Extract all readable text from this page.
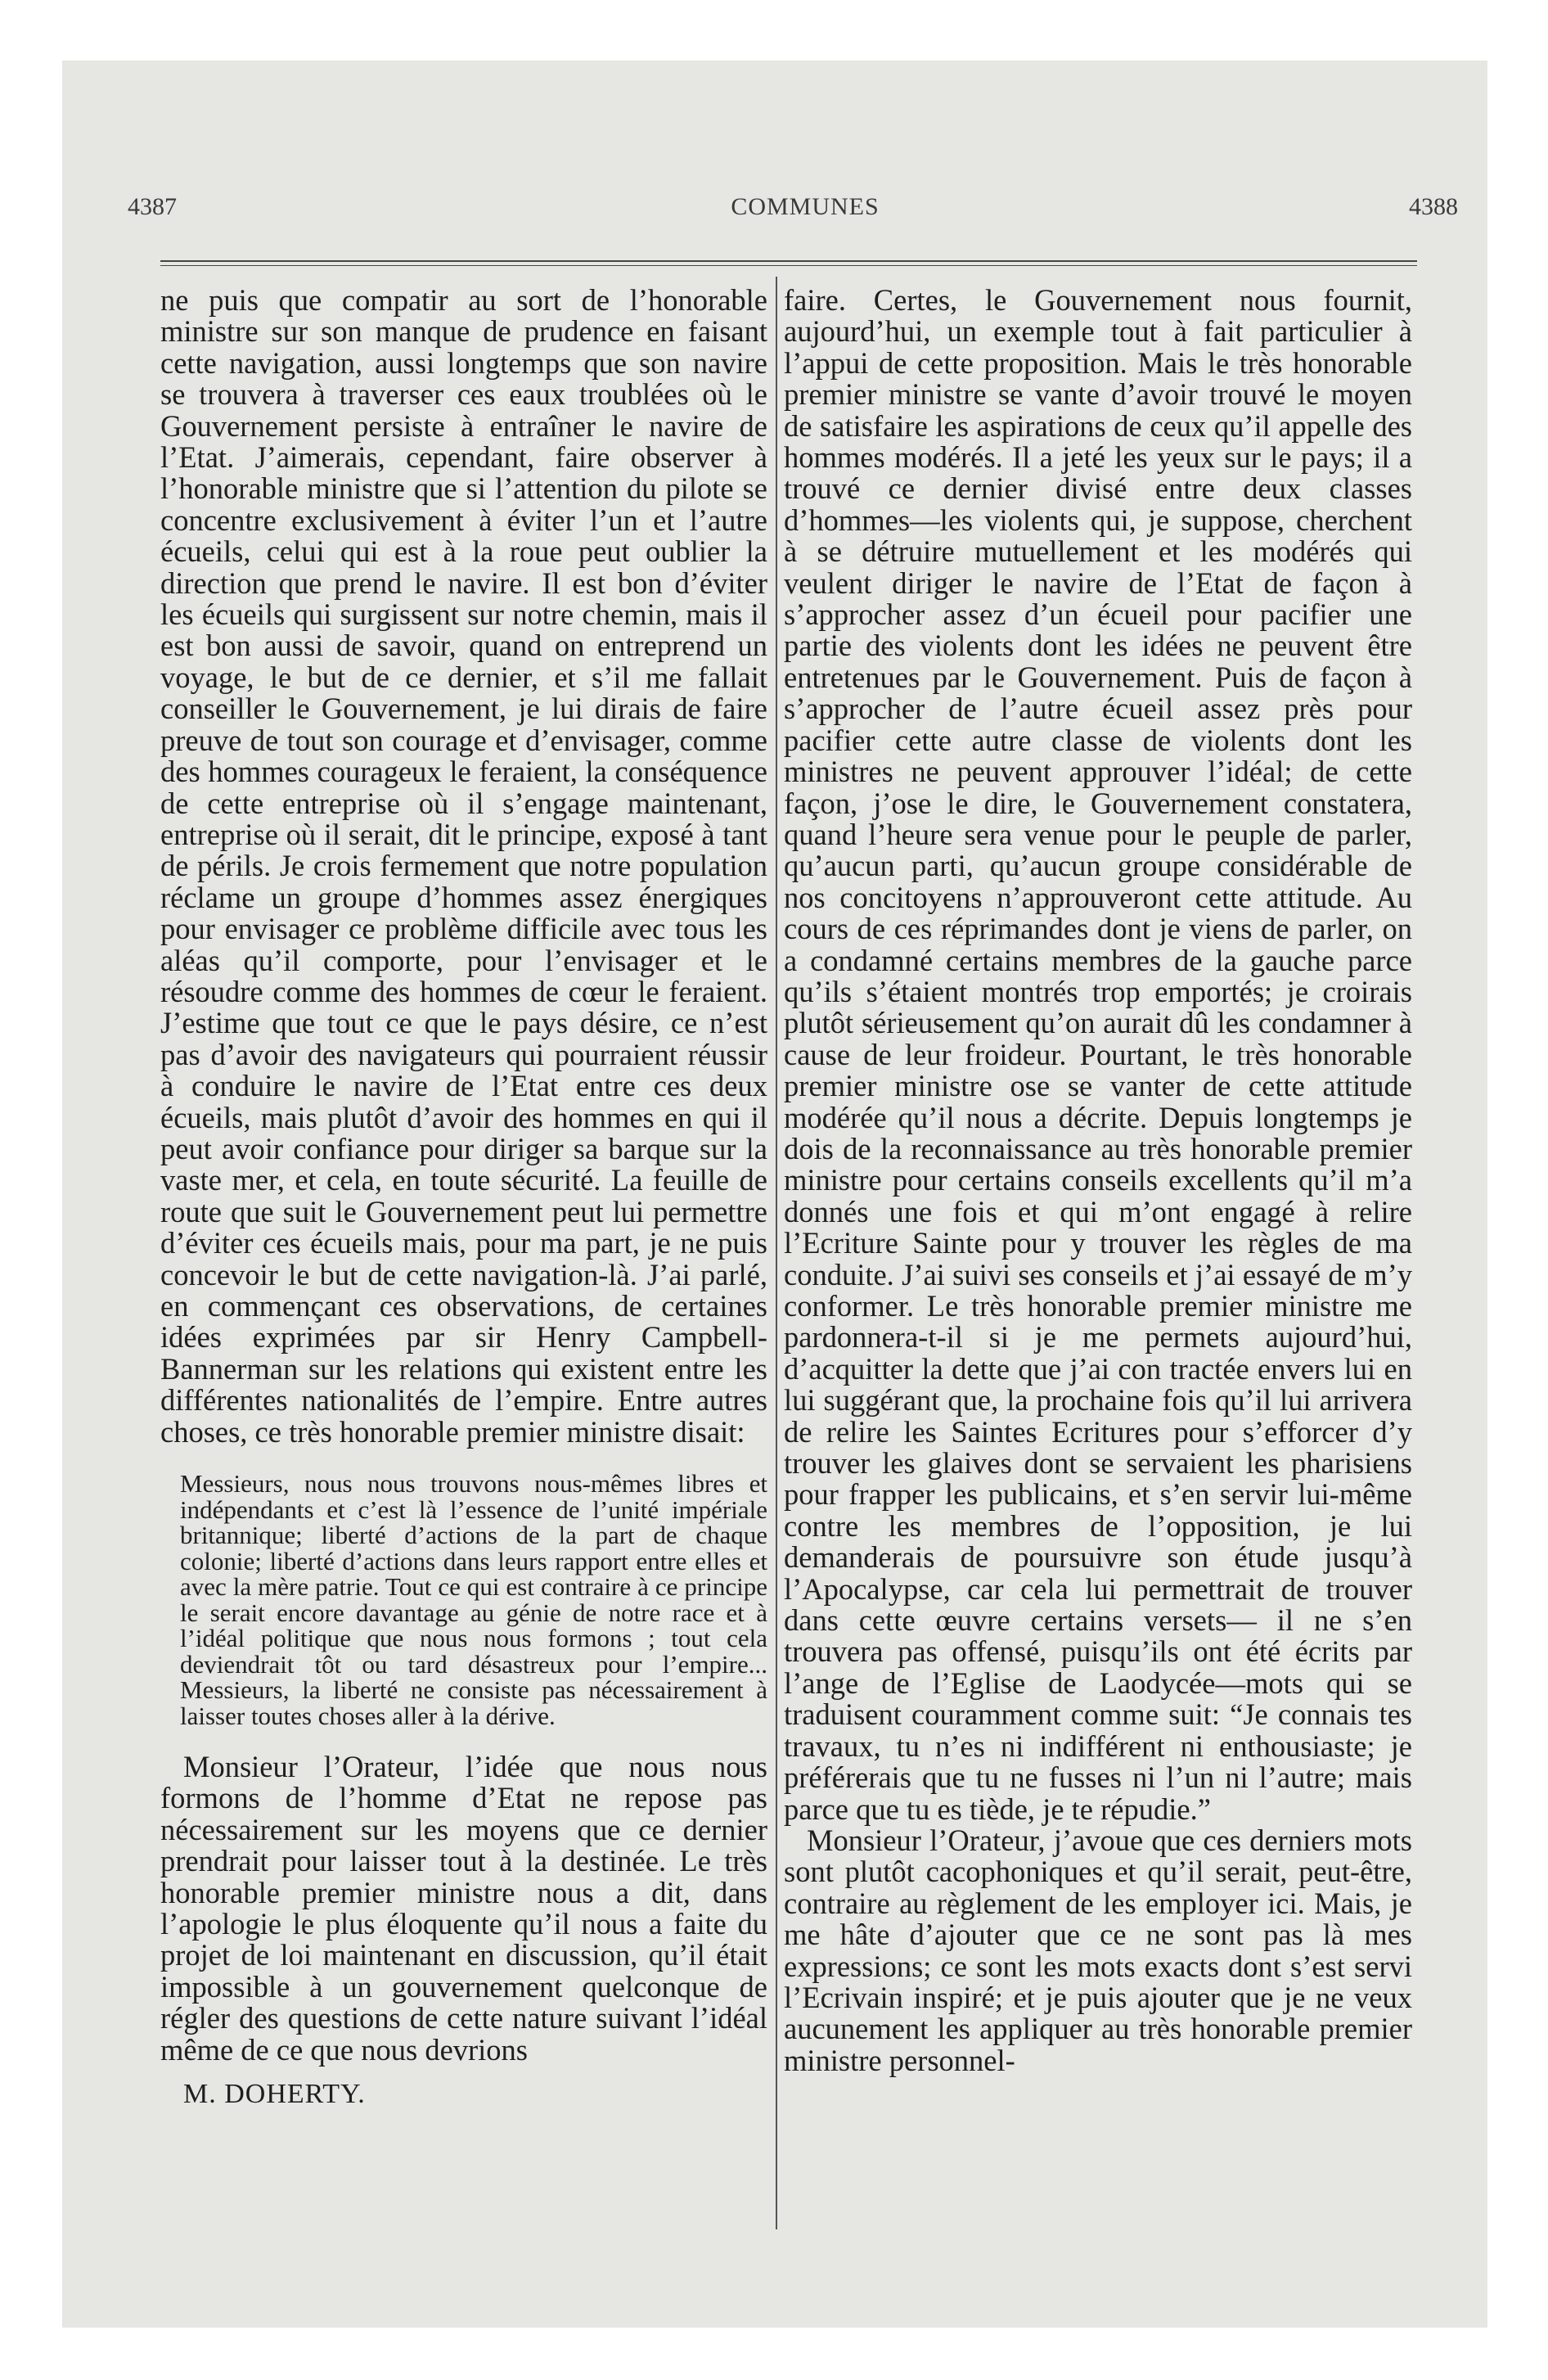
4387	COMMUNES	4388

ne puis que compatir au sort de l’honorable ministre sur son manque de prudence en faisant cette navigation, aussi longtemps que son navire se trouvera à traverser ces eaux troublées où le Gouvernement persiste à entraîner le navire de l’Etat. J’aimerais, cependant, faire observer à l’honorable ministre que si l’attention du pilote se concentre exclusivement à éviter l’un et l’autre écueils, celui qui est à la roue peut oublier la direction que prend le navire. Il est bon d’éviter les écueils qui surgissent sur notre chemin, mais il est bon aussi de savoir, quand on entreprend un voyage, le but de ce dernier, et s’il me fallait conseiller le Gouvernement, je lui dirais de faire preuve de tout son courage et d’envisager, comme des hommes courageux le feraient, la conséquence de cette entreprise où il s’engage maintenant, entreprise où il serait, dit le principe, exposé à tant de périls. Je crois fermement que notre population réclame un groupe d’hommes assez énergiques pour envisager ce problème difficile avec tous les aléas qu’il comporte, pour l’envisager et le résoudre comme des hommes de cœur le feraient. J’estime que tout ce que le pays désire, ce n’est pas d’avoir des navigateurs qui pourraient réussir à conduire le navire de l’Etat entre ces deux écueils, mais plutôt d’avoir des hommes en qui il peut avoir confiance pour diriger sa barque sur la vaste mer, et cela, en toute sécurité. La feuille de route que suit le Gouvernement peut lui permettre d’éviter ces écueils mais, pour ma part, je ne puis concevoir le but de cette navigation-là. J’ai parlé, en commençant ces observations, de certaines idées exprimées par sir Henry Campbell-Bannerman sur les relations qui existent entre les différentes nationalités de l’empire. Entre autres choses, ce très honorable premier ministre disait:

Messieurs, nous nous trouvons nous-mêmes libres et indépendants et c’est là l’essence de l’unité impériale britannique; liberté d’actions de la part de chaque colonie; liberté d’actions dans leurs rapport entre elles et avec la mère patrie. Tout ce qui est contraire à ce principe le serait encore davantage au génie de notre race et à l’idéal politique que nous nous formons ; tout cela deviendrait tôt ou tard désastreux pour l’empire... Messieurs, la liberté ne consiste pas nécessairement à laisser toutes choses aller à la dérive.

Monsieur l’Orateur, l’idée que nous nous formons de l’homme d’Etat ne repose pas nécessairement sur les moyens que ce dernier prendrait pour laisser tout à la destinée. Le très honorable premier ministre nous a dit, dans l’apologie le plus éloquente qu’il nous a faite du projet de loi maintenant en discussion, qu’il était impossible à un gouvernement quelconque de régler des questions de cette nature suivant l’idéal même de ce que nous devrions

M. DOHERTY.

faire. Certes, le Gouvernement nous fournit, aujourd’hui, un exemple tout à fait particulier à l’appui de cette proposition. Mais le très honorable premier ministre se vante d’avoir trouvé le moyen de satisfaire les aspirations de ceux qu’il appelle des hommes modérés. Il a jeté les yeux sur le pays; il a trouvé ce dernier divisé entre deux classes d’hommes—les violents qui, je suppose, cherchent à se détruire mutuellement et les modérés qui veulent diriger le navire de l’Etat de façon à s’approcher assez d’un écueil pour pacifier une partie des violents dont les idées ne peuvent être entretenues par le Gouvernement. Puis de façon à s’approcher de l’autre écueil assez près pour pacifier cette autre classe de violents dont les ministres ne peuvent approuver l’idéal; de cette façon, j’ose le dire, le Gouvernement constatera, quand l’heure sera venue pour le peuple de parler, qu’aucun parti, qu’aucun groupe considérable de nos concitoyens n’approuveront cette attitude. Au cours de ces réprimandes dont je viens de parler, on a condamné certains membres de la gauche parce qu’ils s’étaient montrés trop emportés; je croirais plutôt sérieusement qu’on aurait dû les condamner à cause de leur froideur. Pourtant, le très honorable premier ministre ose se vanter de cette attitude modérée qu’il nous a décrite. Depuis longtemps je dois de la reconnaissance au très honorable premier ministre pour certains conseils excellents qu’il m’a donnés une fois et qui m’ont engagé à relire l’Ecriture Sainte pour y trouver les règles de ma conduite. J’ai suivi ses conseils et j’ai essayé de m’y conformer. Le très honorable premier ministre me pardonnera-t-il si je me permets aujourd’hui, d’acquitter la dette que j’ai con tractée envers lui en lui suggérant que, la prochaine fois qu’il lui arrivera de relire les Saintes Ecritures pour s’efforcer d’y trouver les glaives dont se servaient les pharisiens pour frapper les publicains, et s’en servir lui-même contre les membres de l’opposition, je lui demanderais de poursuivre son étude jusqu’à l’Apocalypse, car cela lui permettrait de trouver dans cette œuvre certains versets— il ne s’en trouvera pas offensé, puisqu’ils ont été écrits par l’ange de l’Eglise de Laodycée—mots qui se traduisent couramment comme suit: “Je connais tes travaux, tu n’es ni indifférent ni enthousiaste; je préférerais que tu ne fusses ni l’un ni l’autre; mais parce que tu es tiède, je te répudie.”

Monsieur l’Orateur, j’avoue que ces derniers mots sont plutôt cacophoniques et qu’il serait, peut-être, contraire au règlement de les employer ici. Mais, je me hâte d’ajouter que ce ne sont pas là mes expressions; ce sont les mots exacts dont s’est servi l’Ecrivain inspiré; et je puis ajouter que je ne veux aucunement les appliquer au très honorable premier ministre personnel-
